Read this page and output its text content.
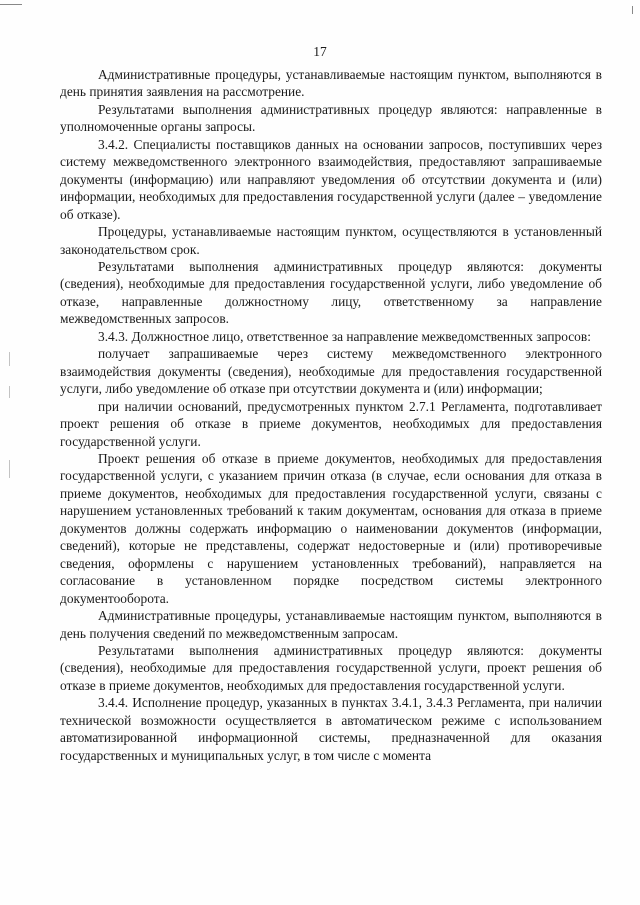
17

Административные процедуры, устанавливаемые настоящим пунктом, выполняются в день принятия заявления на рассмотрение.

Результатами выполнения административных процедур являются: направленные в уполномоченные органы запросы.

3.4.2. Специалисты поставщиков данных на основании запросов, поступивших через систему межведомственного электронного взаимодействия, предоставляют запрашиваемые документы (информацию) или направляют уведомления об отсутствии документа и (или) информации, необходимых для предоставления государственной услуги (далее – уведомление об отказе).

Процедуры, устанавливаемые настоящим пунктом, осуществляются в установленный законодательством срок.

Результатами выполнения административных процедур являются: документы (сведения), необходимые для предоставления государственной услуги, либо уведомление об отказе, направленные должностному лицу, ответственному за направление межведомственных запросов.

3.4.3. Должностное лицо, ответственное за направление межведомственных запросов:

получает запрашиваемые через систему межведомственного электронного взаимодействия документы (сведения), необходимые для предоставления государственной услуги, либо уведомление об отказе при отсутствии документа и (или) информации;

при наличии оснований, предусмотренных пунктом 2.7.1 Регламента, подготавливает проект решения об отказе в приеме документов, необходимых для предоставления государственной услуги.

Проект решения об отказе в приеме документов, необходимых для предоставления государственной услуги, с указанием причин отказа (в случае, если основания для отказа в приеме документов, необходимых для предоставления государственной услуги, связаны с нарушением установленных требований к таким документам, основания для отказа в приеме документов должны содержать информацию о наименовании документов (информации, сведений), которые не представлены, содержат недостоверные и (или) противоречивые сведения, оформлены с нарушением установленных требований), направляется на согласование в установленном порядке посредством системы электронного документооборота.

Административные процедуры, устанавливаемые настоящим пунктом, выполняются в день получения сведений по межведомственным запросам.

Результатами выполнения административных процедур являются: документы (сведения), необходимые для предоставления государственной услуги, проект решения об отказе в приеме документов, необходимых для предоставления государственной услуги.

3.4.4. Исполнение процедур, указанных в пунктах 3.4.1, 3.4.3 Регламента, при наличии технической возможности осуществляется в автоматическом режиме с использованием автоматизированной информационной системы, предназначенной для оказания государственных и муниципальных услуг, в том числе с момента
